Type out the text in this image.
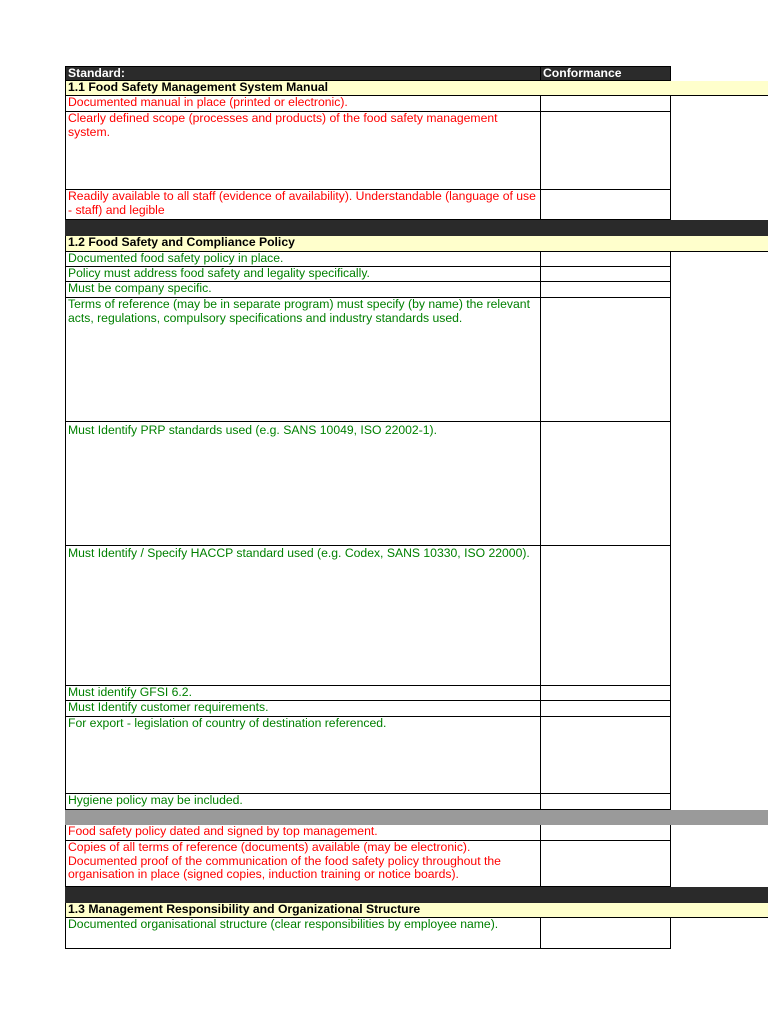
Standard:	Conformance
1.1 Food Safety Management System Manual
Documented manual in place (printed or electronic).
Clearly defined scope (processes and products) of the food safety management system.
Readily available to all staff (evidence of availability). Understandable (language of use - staff) and legible
1.2 Food Safety and Compliance Policy
Documented food safety policy in place.
Policy must address food safety and legality specifically.
Must be company specific.
Terms of reference (may be in separate program) must specify (by name) the relevant acts, regulations, compulsory specifications and industry standards used.
Must Identify PRP standards used (e.g. SANS 10049, ISO 22002-1).
Must Identify / Specify HACCP standard used (e.g. Codex, SANS 10330, ISO 22000).
Must identify GFSI 6.2.
Must Identify customer requirements.
For export - legislation of country of destination referenced.
Hygiene policy may be included.
Food safety policy dated and signed by top management.
Copies of all terms of reference (documents) available (may be electronic). Documented proof of the communication of the food safety policy throughout the organisation in place (signed copies, induction training or notice boards).
1.3 Management Responsibility and Organizational Structure
Documented organisational structure (clear responsibilities by employee name).
